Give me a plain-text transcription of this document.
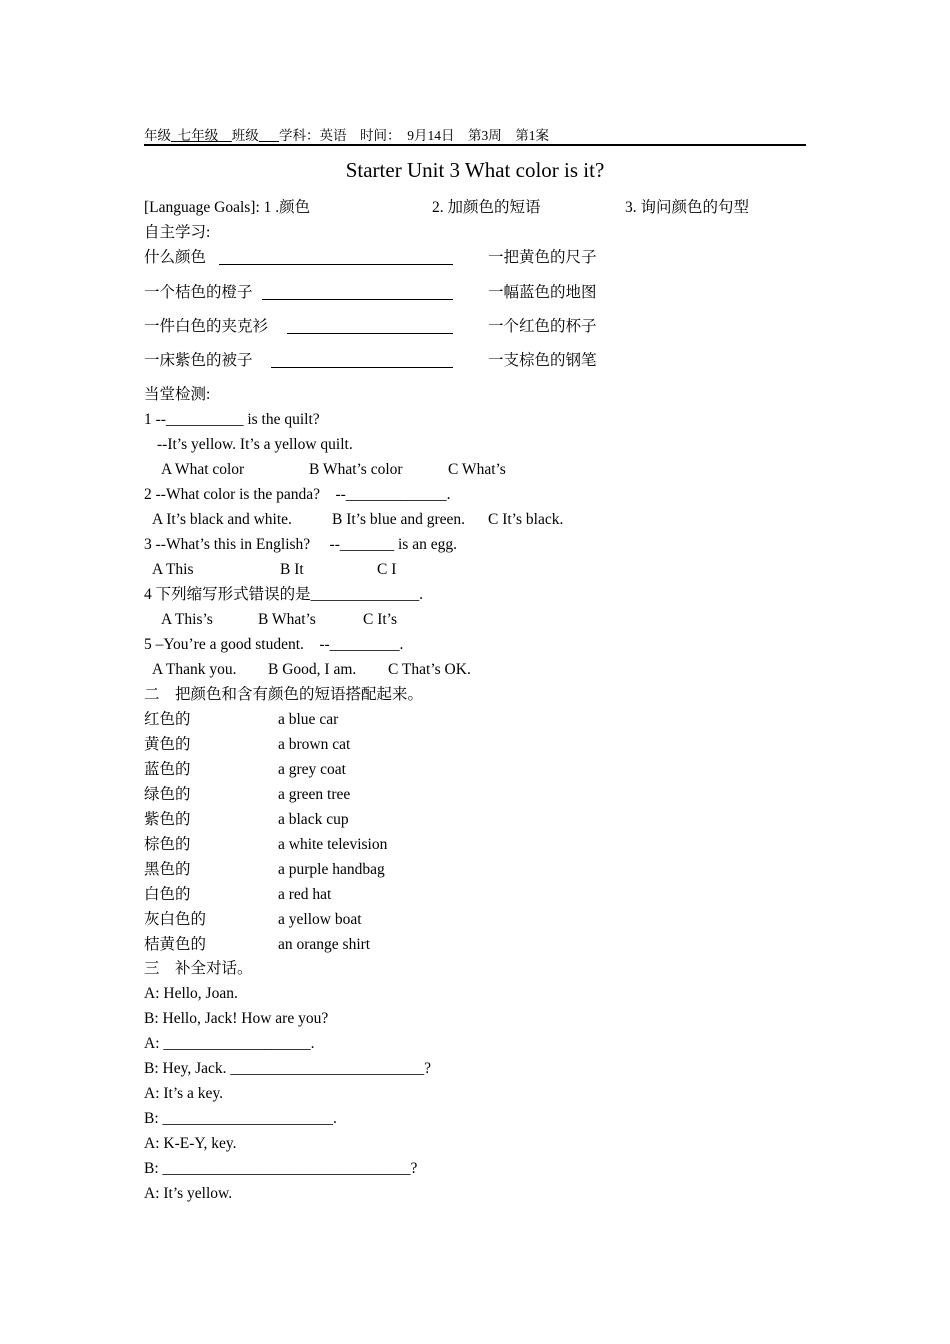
年级 七年级 班级 学科：英语 时间：  9月14日 第3周 第1案
Starter Unit 3 What color is it?
[Language Goals]: 1 .颜色	2. 加颜色的短语	3. 询问颜色的句型
自主学习:
什么颜色	一把黄色的尺子
一个桔色的橙子	一幅蓝色的地图
一件白色的夹克衫	一个红色的杯子
一床紫色的被子	一支棕色的钢笔
当堂检测:
1 --__________ is the quilt?
--It’s yellow. It’s a yellow quilt.
A What color	B What’s color	C What’s
2 --What color is the panda?    --_____________.
A It’s black and white.	B It’s blue and green. C It’s black.
3 --What’s this in English?     --_______ is an egg.
A This	B It	C I
4 下列缩写形式错误的是______________.
A This’s	B What’s	C It’s
5 –You’re a good student.    --_________.
A Thank you. B Good, I am. C That’s OK.
二    把颜色和含有颜色的短语搭配起来。
红色的	a blue car
黄色的	a brown cat
蓝色的	a grey coat
绿色的	a green tree
紫色的	a black cup
棕色的	a white television
黑色的	a purple handbag
白色的	a red hat
灰白色的	a yellow boat
桔黄色的	an orange shirt
三    补全对话。
A: Hello, Joan.
B: Hello, Jack! How are you?
A: ___________________.
B: Hey, Jack. _________________________?
A: It’s a key.
B: ______________________.
A: K-E-Y, key.
B: ________________________________?
A: It’s yellow.
